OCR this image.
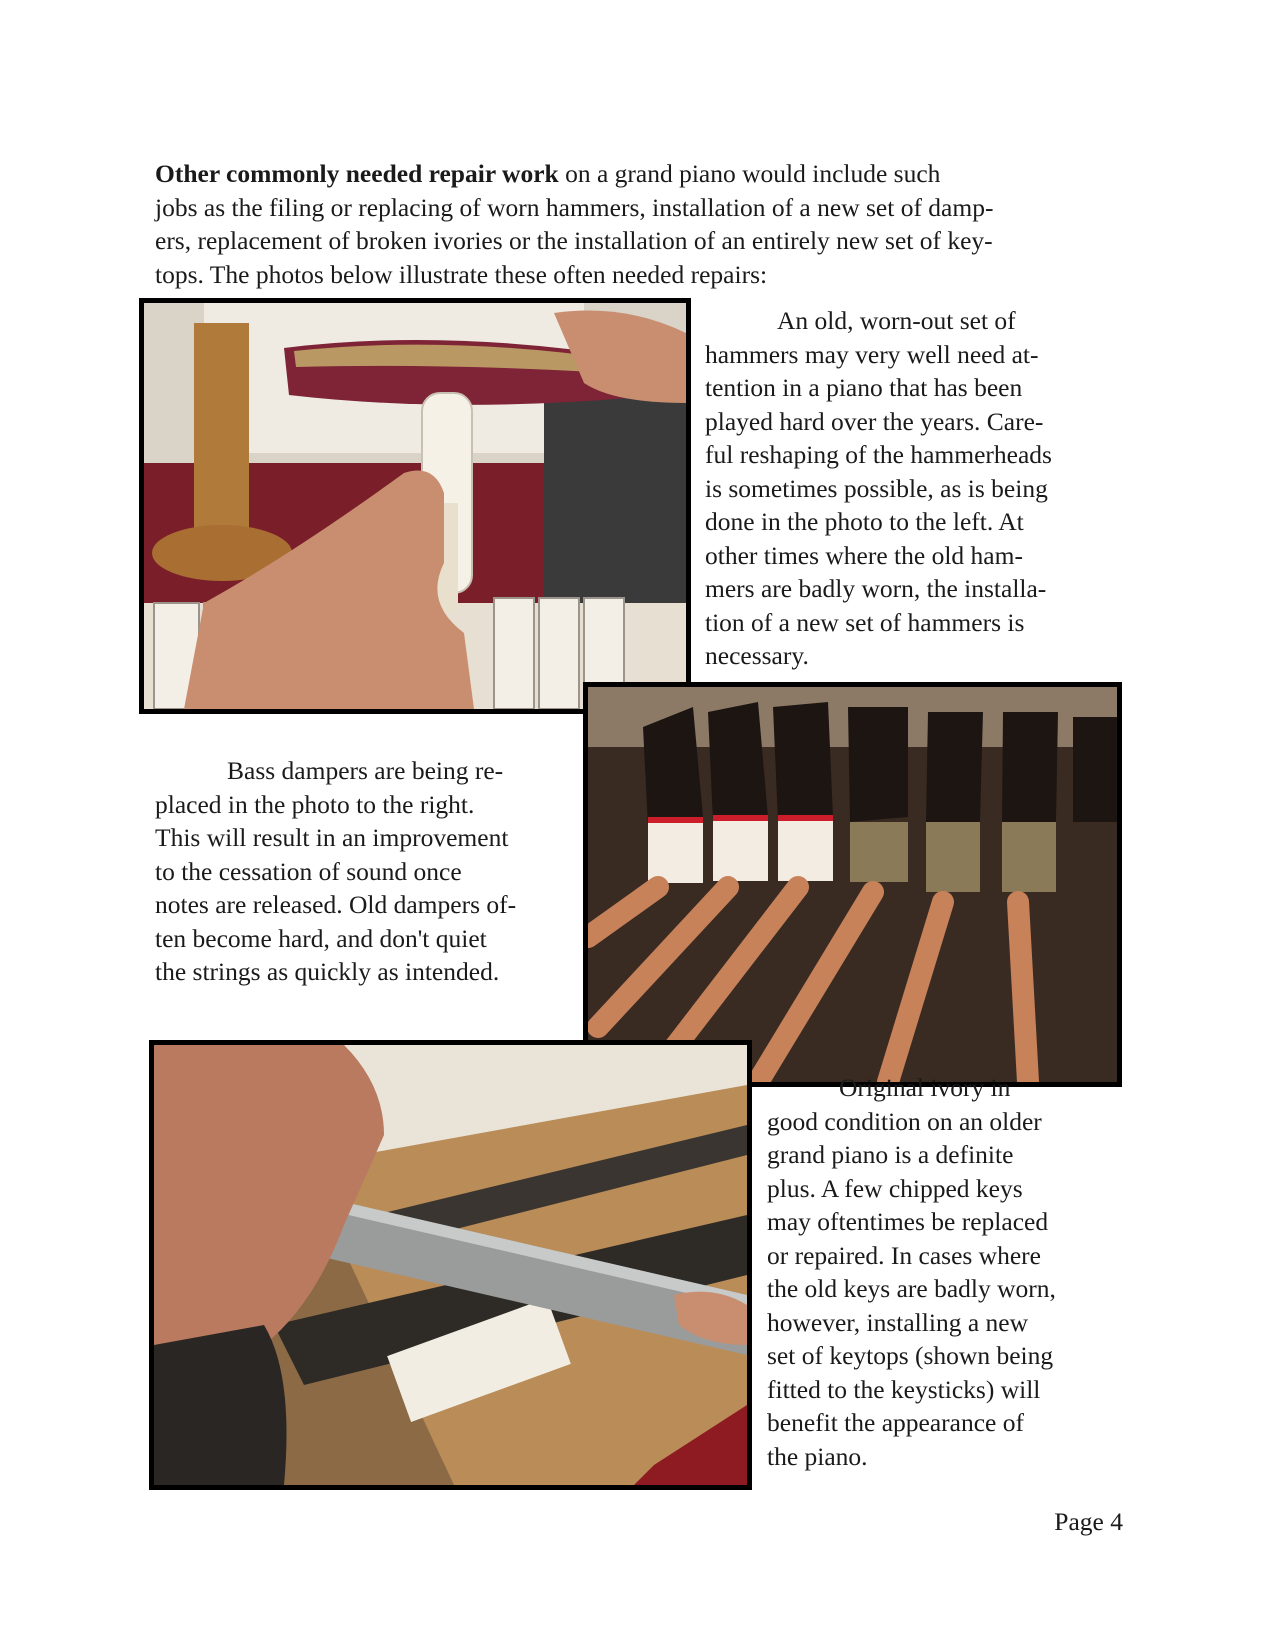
Other commonly needed repair work on a grand piano would include such
jobs as the filing or replacing of worn hammers, installation of a new set of damp-
ers, replacement of broken ivories or the installation of an entirely new set of key-
tops. The photos below illustrate these often needed repairs:

An old, worn-out set of

hammers may very well need at-

tention in a piano that has been

played hard over the years. Care-

ful reshaping of the hammerheads

is sometimes possible, as is being

done in the photo to the left. At

other times where the old ham-

mers are badly worn, the installa-

tion of a new set of hammers is

necessary.

Bass dampers are being re-

placed in the photo to the right.

This will result in an improvement

to the cessation of sound once

notes are released. Old dampers of-

ten become hard, and don't quiet

the strings as quickly as intended.

Original ivory in

good condition on an older

grand piano is a definite

plus. A few chipped keys

may oftentimes be replaced

or repaired. In cases where

the old keys are badly worn,

however, installing a new

set of keytops (shown being

fitted to the keysticks) will

benefit the appearance of

the piano.

Page 4
